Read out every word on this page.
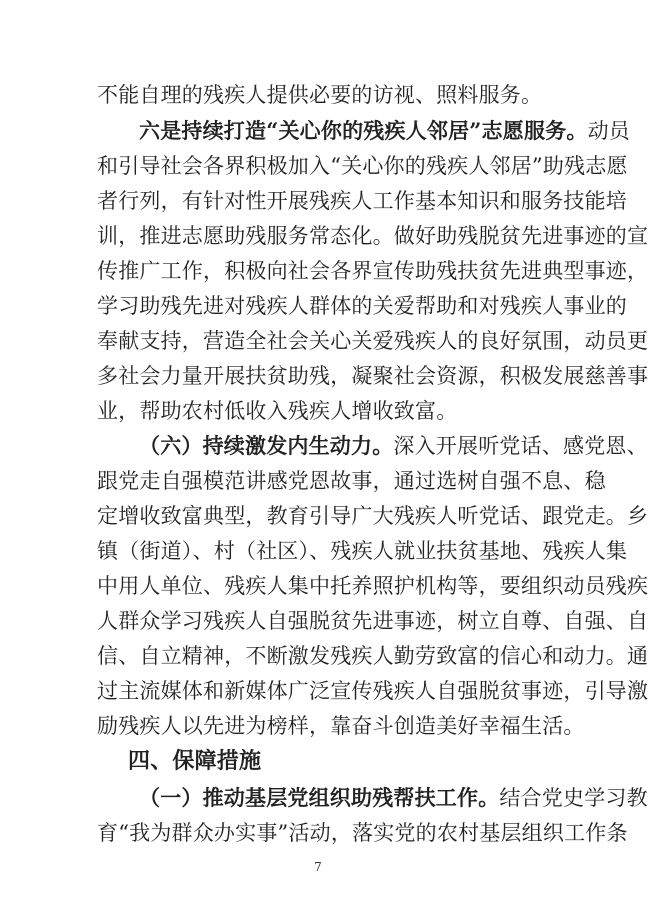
不能自理的残疾人提供必要的访视、照料服务。
六是持续打造“关心你的残疾人邻居”志愿服务。动员
和引导社会各界积极加入“关心你的残疾人邻居”助残志愿
者行列，有针对性开展残疾人工作基本知识和服务技能培
训，推进志愿助残服务常态化。做好助残脱贫先进事迹的宣
传推广工作，积极向社会各界宣传助残扶贫先进典型事迹，
学习助残先进对残疾人群体的关爱帮助和对残疾人事业的
奉献支持，营造全社会关心关爱残疾人的良好氛围，动员更
多社会力量开展扶贫助残，凝聚社会资源，积极发展慈善事
业，帮助农村低收入残疾人增收致富。
（六）持续激发内生动力。深入开展听党话、感党恩、
跟党走自强模范讲感党恩故事，通过选树自强不息、稳
定增收致富典型，教育引导广大残疾人听党话、跟党走。乡
镇（街道）、村（社区）、残疾人就业扶贫基地、残疾人集
中用人单位、残疾人集中托养照护机构等，要组织动员残疾
人群众学习残疾人自强脱贫先进事迹，树立自尊、自强、自
信、自立精神，不断激发残疾人勤劳致富的信心和动力。通
过主流媒体和新媒体广泛宣传残疾人自强脱贫事迹，引导激
励残疾人以先进为榜样，靠奋斗创造美好幸福生活。
四、保障措施
（一）推动基层党组织助残帮扶工作。结合党史学习教
育“我为群众办实事”活动，落实党的农村基层组织工作条
7
